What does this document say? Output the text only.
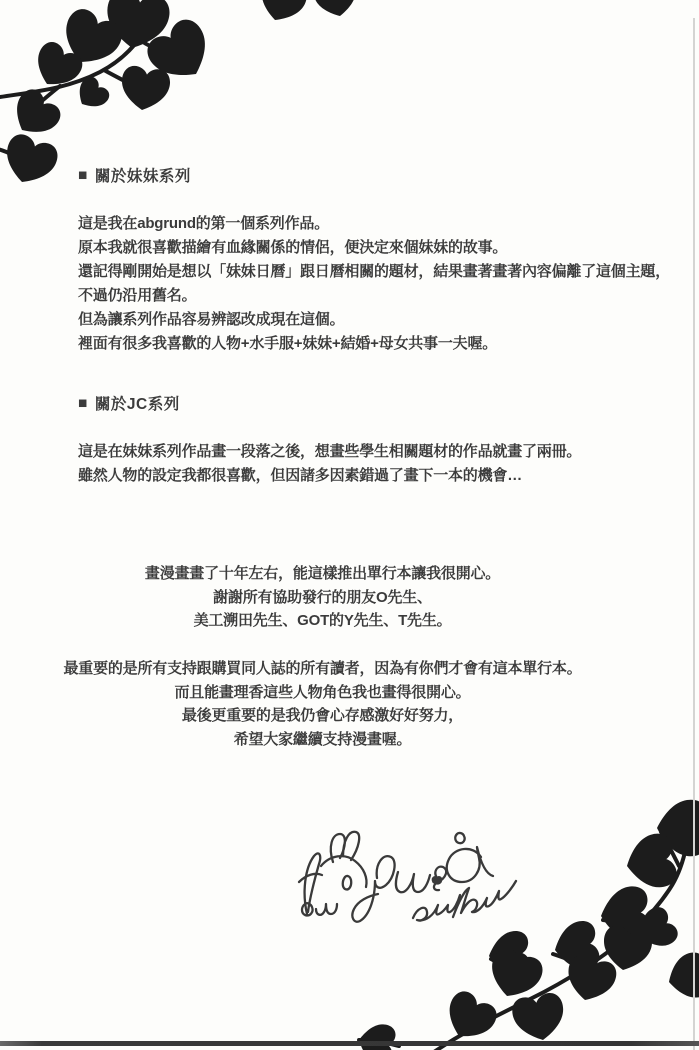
■ 關於妹妹系列
這是我在abgrund的第一個系列作品。
原本我就很喜歡描繪有血緣關係的情侶，便決定來個妹妹的故事。
還記得剛開始是想以「妹妹日曆」跟日曆相關的題材，結果畫著畫著內容偏離了這個主題，
不過仍沿用舊名。
但為讓系列作品容易辨認改成現在這個。
裡面有很多我喜歡的人物+水手服+妹妹+結婚+母女共事一夫喔。
■ 關於JC系列
這是在妹妹系列作品畫一段落之後，想畫些學生相關題材的作品就畫了兩冊。
雖然人物的設定我都很喜歡，但因諸多因素錯過了畫下一本的機會…
畫漫畫畫了十年左右，能這樣推出單行本讓我很開心。
謝謝所有協助發行的朋友O先生、
美工溯田先生、GOT的Y先生、T先生。
最重要的是所有支持跟購買同人誌的所有讀者，因為有你們才會有這本單行本。
而且能畫理香這些人物角色我也畫得很開心。
最後更重要的是我仍會心存感激好好努力，
希望大家繼續支持漫畫喔。
